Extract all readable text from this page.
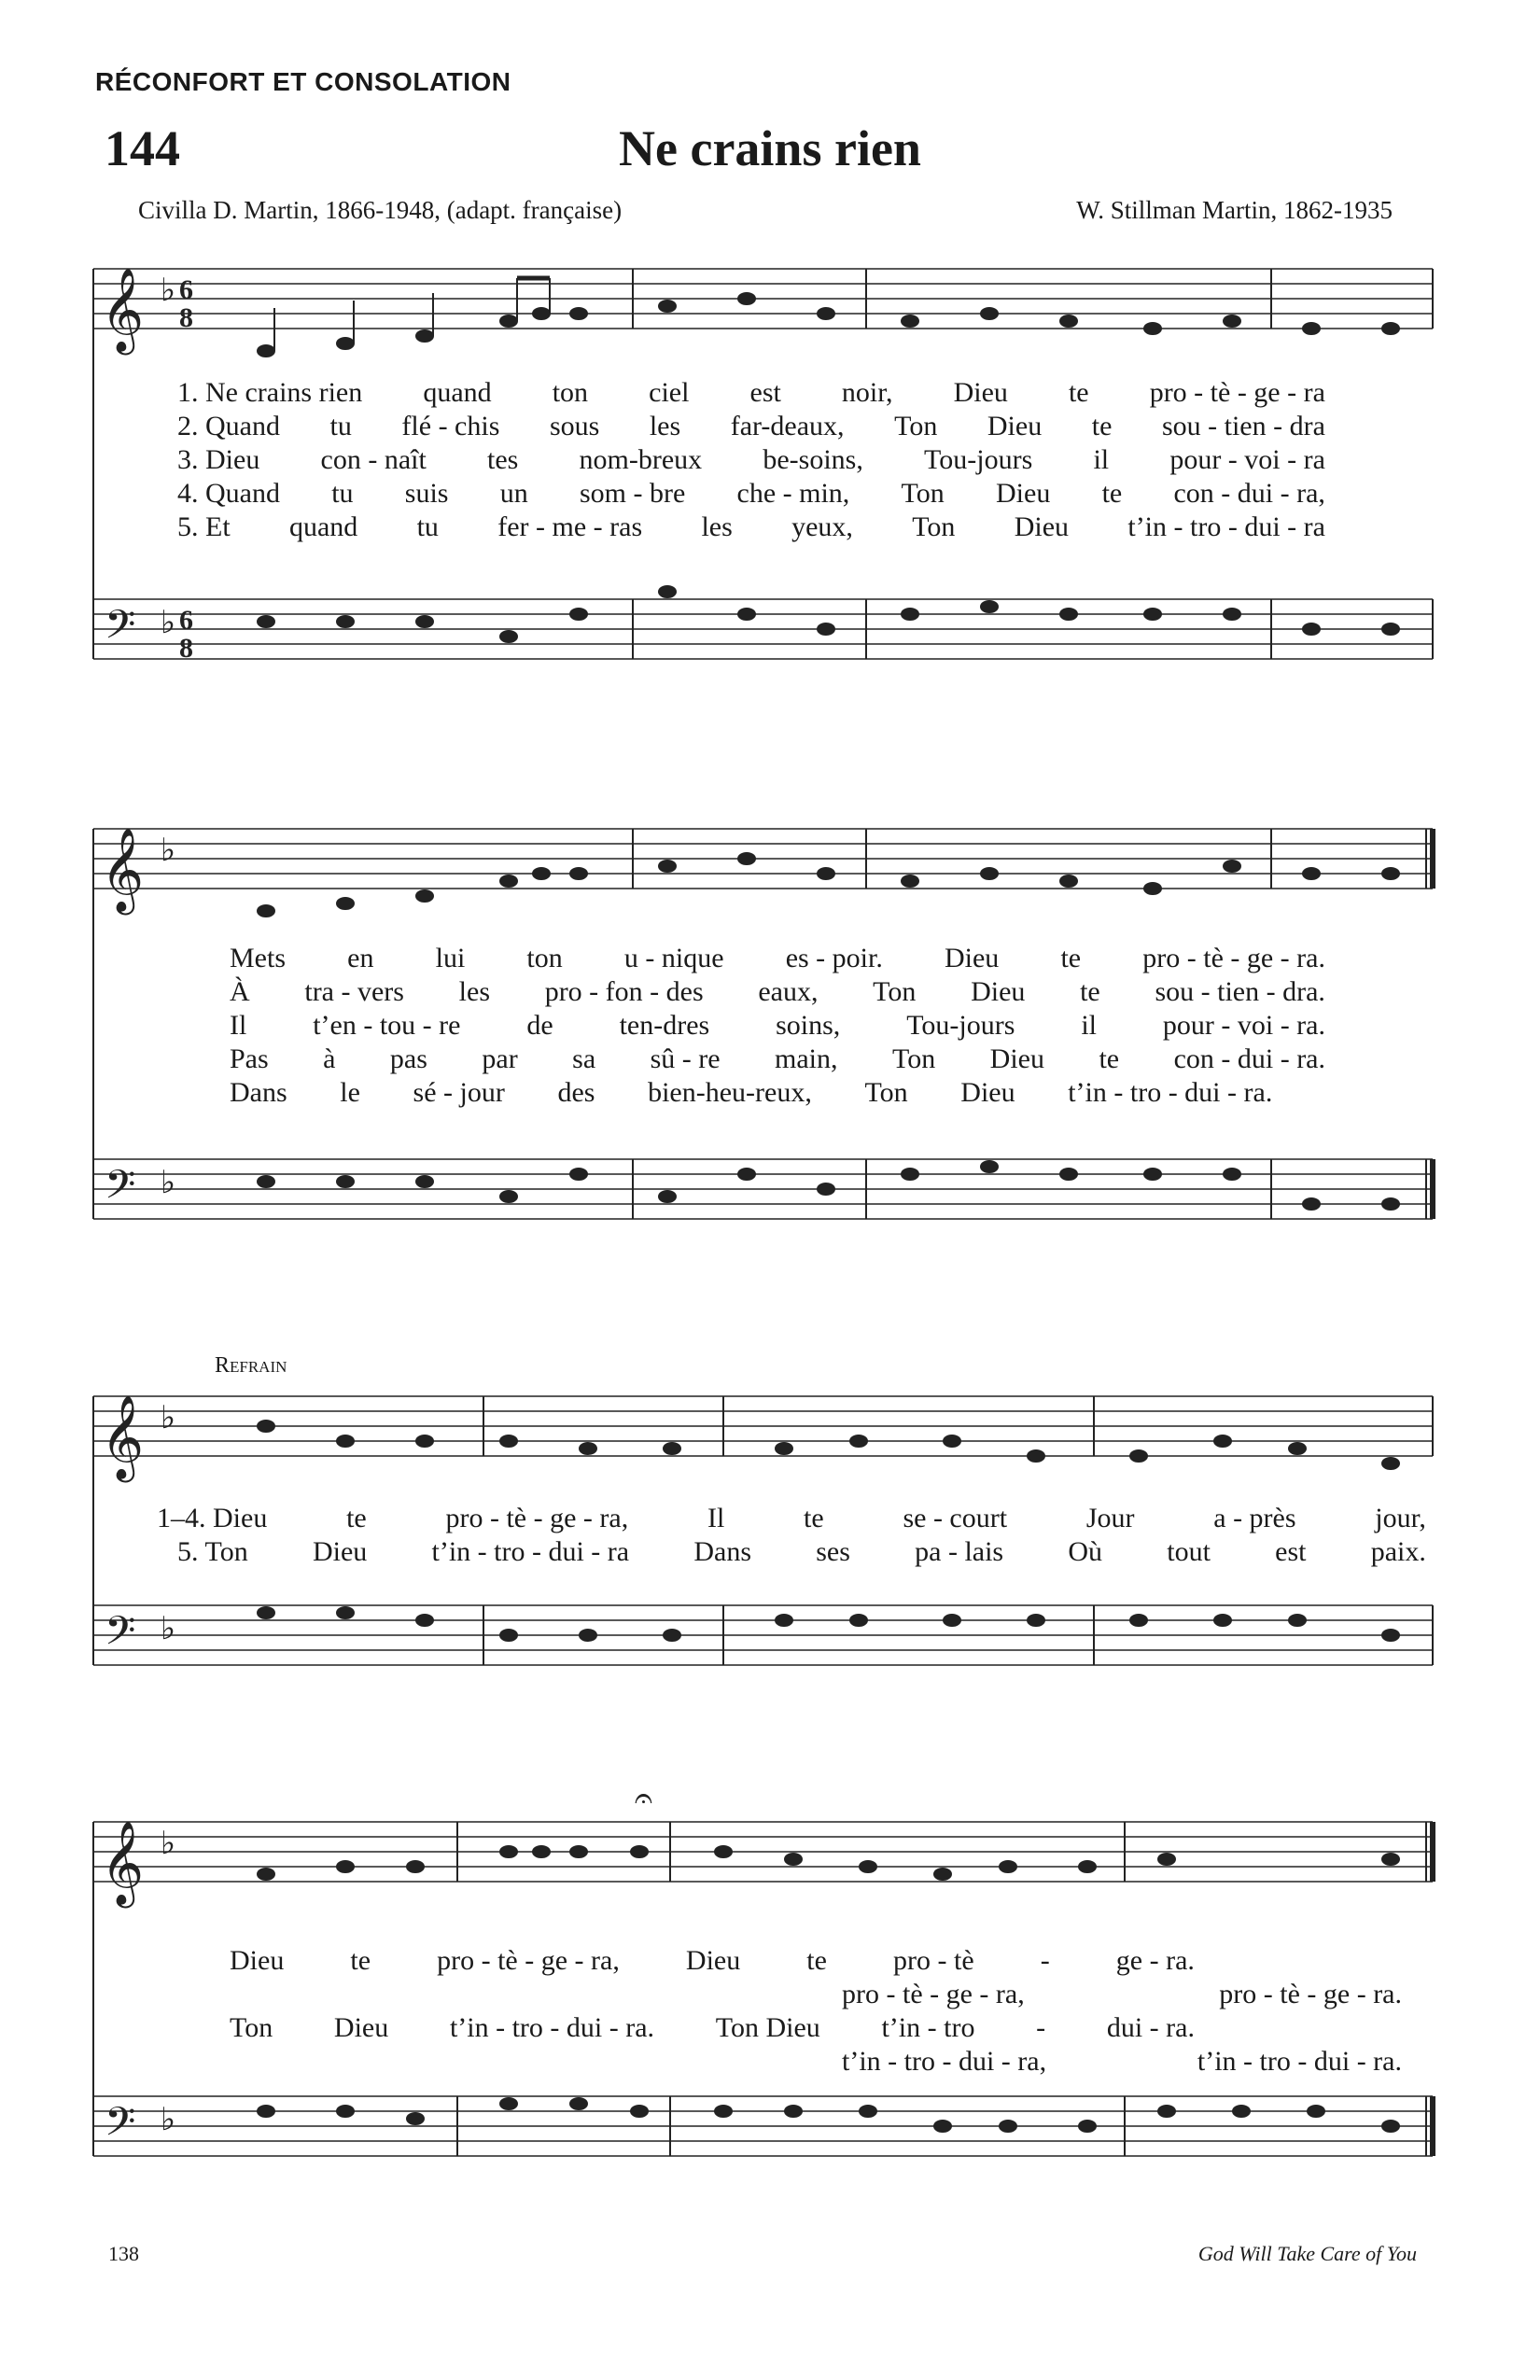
RÉCONFORT ET CONSOLATION
144	Ne crains rien
Civilla D. Martin, 1866-1948, (adapt. française)	W. Stillman Martin, 1862-1935
𝄞
𝄢
♭
♭
6
8
6
8
1. Ne crains rien quand ton ciel est noir, Dieu te pro - tè - ge - ra
2. Quand tu flé - chis sous les far-deaux, Ton Dieu te sou - tien - dra
3. Dieu con - naît tes nom-breux be-soins, Tou-jours il pour - voi - ra
4. Quand tu suis un som - bre che - min, Ton Dieu te con - dui - ra,
5. Et quand tu fer - me - ras les yeux, Ton Dieu t’in - tro - dui - ra
𝄞
𝄢
♭
♭
Mets en lui ton u - nique es - poir. Dieu te pro - tè - ge - ra.
À tra - vers les pro - fon - des eaux, Ton Dieu te sou - tien - dra.
Il t’en - tou - re de ten-dres soins, Tou-jours il pour - voi - ra.
Pas à pas par sa sû - re main, Ton Dieu te con - dui - ra.
Dans le sé - jour des bien-heu-reux, Ton Dieu t’in - tro - dui - ra.
Refrain
𝄞
𝄢
♭
♭
1–4. Dieu	te	pro - tè - ge - ra,	Il	te	se - court	Jour	a - près	jour,
5. Ton Dieu t’in - tro - dui - ra Dans ses pa - lais Où tout est paix.
𝄞
𝄢
♭
♭
𝄐
Dieu te pro - tè - ge - ra, Dieu te pro - tè - ge - ra.
pro - tè - ge - ra,	pro - tè - ge - ra.
Ton Dieu t’in - tro - dui - ra. Ton Dieu t’in - tro - dui - ra.
t’in - tro - dui - ra,	t’in - tro - dui - ra.
138	God Will Take Care of You
